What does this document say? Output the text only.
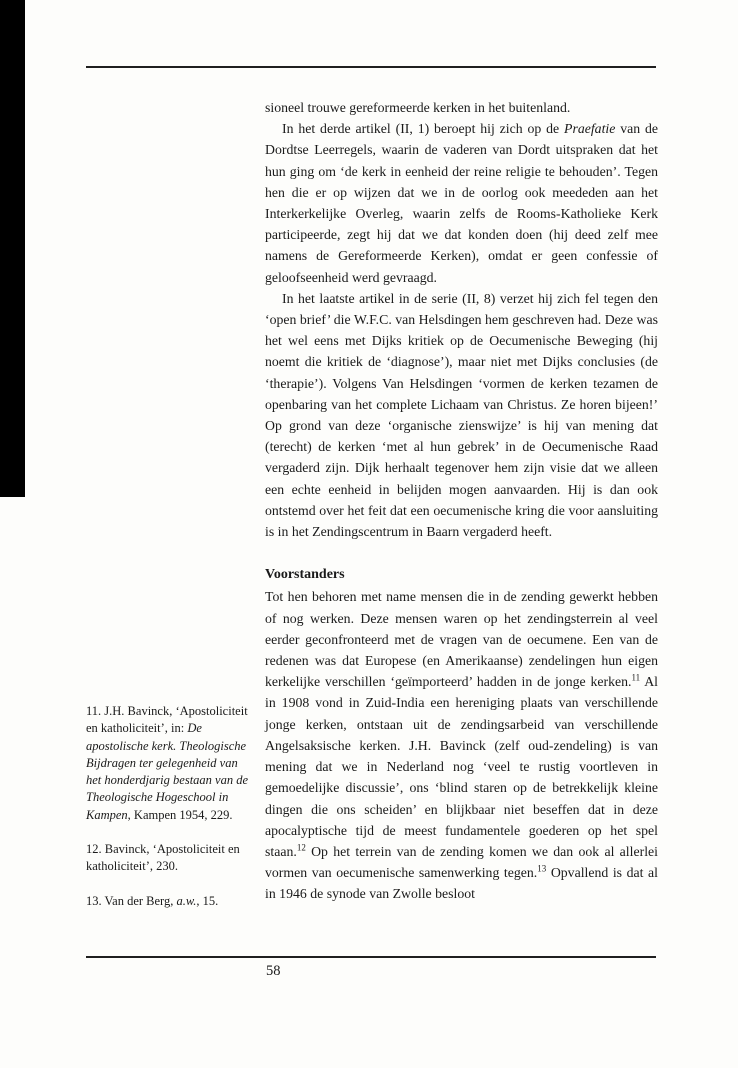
sioneel trouwe gereformeerde kerken in het buitenland.

In het derde artikel (II, 1) beroept hij zich op de Praefatie van de Dordtse Leerregels, waarin de vaderen van Dordt uitspraken dat het hun ging om ‘de kerk in eenheid der reine religie te behouden’. Tegen hen die er op wijzen dat we in de oorlog ook meededen aan het Interkerkelijke Overleg, waarin zelfs de Rooms-Katholieke Kerk participeerde, zegt hij dat we dat konden doen (hij deed zelf mee namens de Gereformeerde Kerken), omdat er geen confessie of geloofseenheid werd gevraagd.

In het laatste artikel in de serie (II, 8) verzet hij zich fel tegen den ‘open brief’ die W.F.C. van Helsdingen hem geschreven had. Deze was het wel eens met Dijks kritiek op de Oecumenische Beweging (hij noemt die kritiek de ‘diagnose’), maar niet met Dijks conclusies (de ‘therapie’). Volgens Van Helsdingen ‘vormen de kerken tezamen de openbaring van het complete Lichaam van Christus. Ze horen bijeen!’ Op grond van deze ‘organische zienswijze’ is hij van mening dat (terecht) de kerken ‘met al hun gebrek’ in de Oecumenische Raad vergaderd zijn. Dijk herhaalt tegenover hem zijn visie dat we alleen een echte eenheid in belijden mogen aanvaarden. Hij is dan ook ontstemd over het feit dat een oecumenische kring die voor aansluiting is in het Zendingscentrum in Baarn vergaderd heeft.

Voorstanders

Tot hen behoren met name mensen die in de zending gewerkt hebben of nog werken. Deze mensen waren op het zendingsterrein al veel eerder geconfronteerd met de vragen van de oecumene. Een van de redenen was dat Europese (en Amerikaanse) zendelingen hun eigen kerkelijke verschillen ‘geïmporteerd’ hadden in de jonge kerken.$^{11}$ Al in 1908 vond in Zuid-India een hereniging plaats van verschillende jonge kerken, ontstaan uit de zendingsarbeid van verschillende Angelsaksische kerken. J.H. Bavinck (zelf oud-zendeling) is van mening dat we in Nederland nog ‘veel te rustig voortleven in gemoedelijke discussie’, ons ‘blind staren op de betrekkelijk kleine dingen die ons scheiden’ en blijkbaar niet beseffen dat in deze apocalyptische tijd de meest fundamentele goederen op het spel staan.$^{12}$ Op het terrein van de zending komen we dan ook al allerlei vormen van oecumenische samenwerking tegen.$^{13}$ Opvallend is dat al in 1946 de synode van Zwolle besloot

11. J.H. Bavinck, ‘Apostoliciteit en katholiciteit’, in: De apostolische kerk. Theologische Bijdragen ter gelegenheid van het honderdjarig bestaan van de Theologische Hogeschool in Kampen, Kampen 1954, 229.
12. Bavinck, ‘Apostoliciteit en katholiciteit’, 230.
13. Van der Berg, a.w., 15.
58
